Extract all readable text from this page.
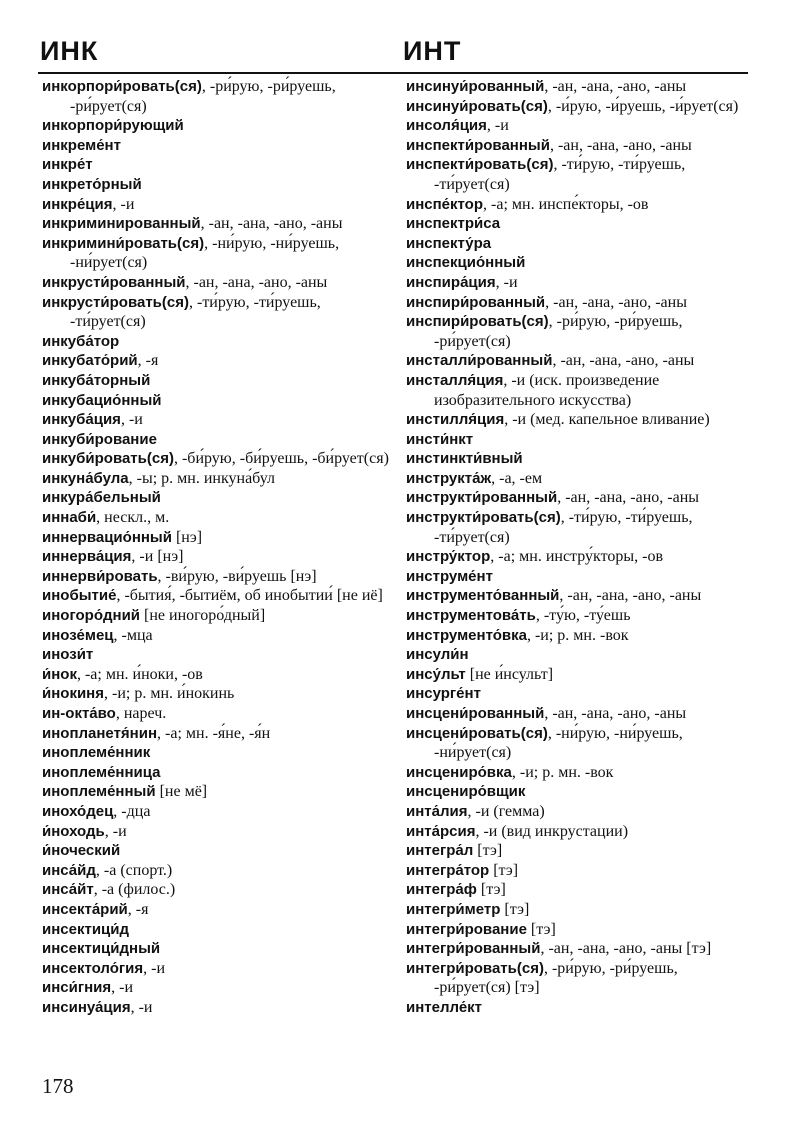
ИНК	ИНТ

инкорпори́ровать(ся), -ри́рую, -ри́руешь, -ри́рует(ся)

инкорпори́рующий

инкреме́нт

инкре́т

инкрето́рный

инкре́ция, -и

инкриминированный, -ан, -ана, -ано, -аны

инкримини́ровать(ся), -ни́рую, -ни́руешь, -ни́рует(ся)

инкрусти́рованный, -ан, -ана, -ано, -аны

инкрусти́ровать(ся), -ти́рую, -ти́руешь, -ти́рует(ся)

инкуба́тор

инкубато́рий, -я

инкуба́торный

инкубацио́нный

инкуба́ция, -и

инкуби́рование

инкуби́ровать(ся), -би́рую, -би́руешь, -би́рует(ся)

инкуна́була, -ы; р. мн. инкуна́бул

инкура́бельный

иннаби́, нескл., м.

иннервацио́нный [нэ]

иннерва́ция, -и [нэ]

иннерви́ровать, -ви́рую, -ви́руешь [нэ]

инобытие́, -бытия́, -бытиём, об инобытии́ [не иё]

иногоро́дний [не иногоро́дный]

инозе́мец, -мца

инози́т

и́нок, -а; мн. и́ноки, -ов

и́нокиня, -и; р. мн. и́нокинь

ин-окта́во, нареч.

инопланетя́нин, -а; мн. -я́не, -я́н

иноплеме́нник

иноплеме́нница

иноплеме́нный [не мё]

инохо́дец, -дца

и́ноходь, -и

и́ноческий

инса́йд, -а (спорт.)

инса́йт, -а (филос.)

инсекта́рий, -я

инсектици́д

инсектици́дный

инсектоло́гия, -и

инси́гния, -и

инсинуа́ция, -и

инсинуи́рованный, -ан, -ана, -ано, -аны

инсинуи́ровать(ся), -и́рую, -и́руешь, -и́рует(ся)

инсоля́ция, -и

инспекти́рованный, -ан, -ана, -ано, -аны

инспекти́ровать(ся), -ти́рую, -ти́руешь, -ти́рует(ся)

инспе́ктор, -а; мн. инспе́кторы, -ов

инспектри́са

инспекту́ра

инспекцио́нный

инспира́ция, -и

инспири́рованный, -ан, -ана, -ано, -аны

инспири́ровать(ся), -ри́рую, -ри́руешь, -ри́рует(ся)

инсталли́рованный, -ан, -ана, -ано, -аны

инсталля́ция, -и (иск. произведение изобразительного искусства)

инстилля́ция, -и (мед. капельное вливание)

инсти́нкт

инстинкти́вный

инструкта́ж, -а, -ем

инструкти́рованный, -ан, -ана, -ано, -аны

инструкти́ровать(ся), -ти́рую, -ти́руешь, -ти́рует(ся)

инстру́ктор, -а; мн. инстру́кторы, -ов

инструме́нт

инструменто́ванный, -ан, -ана, -ано, -аны

инструментова́ть, -ту́ю, -ту́ешь

инструменто́вка, -и; р. мн. -вок

инсули́н

инсу́льт [не и́нсульт]

инсурге́нт

инсцени́рованный, -ан, -ана, -ано, -аны

инсцени́ровать(ся), -ни́рую, -ни́руешь, -ни́рует(ся)

инсцениро́вка, -и; р. мн. -вок

инсцениро́вщик

инта́лия, -и (гемма)

инта́рсия, -и (вид инкрустации)

интегра́л [тэ]

интегра́тор [тэ]

интегра́ф [тэ]

интегри́метр [тэ]

интегри́рование [тэ]

интегри́рованный, -ан, -ана, -ано, -аны [тэ]

интегри́ровать(ся), -ри́рую, -ри́руешь, -ри́рует(ся) [тэ]

интелле́кт

178
